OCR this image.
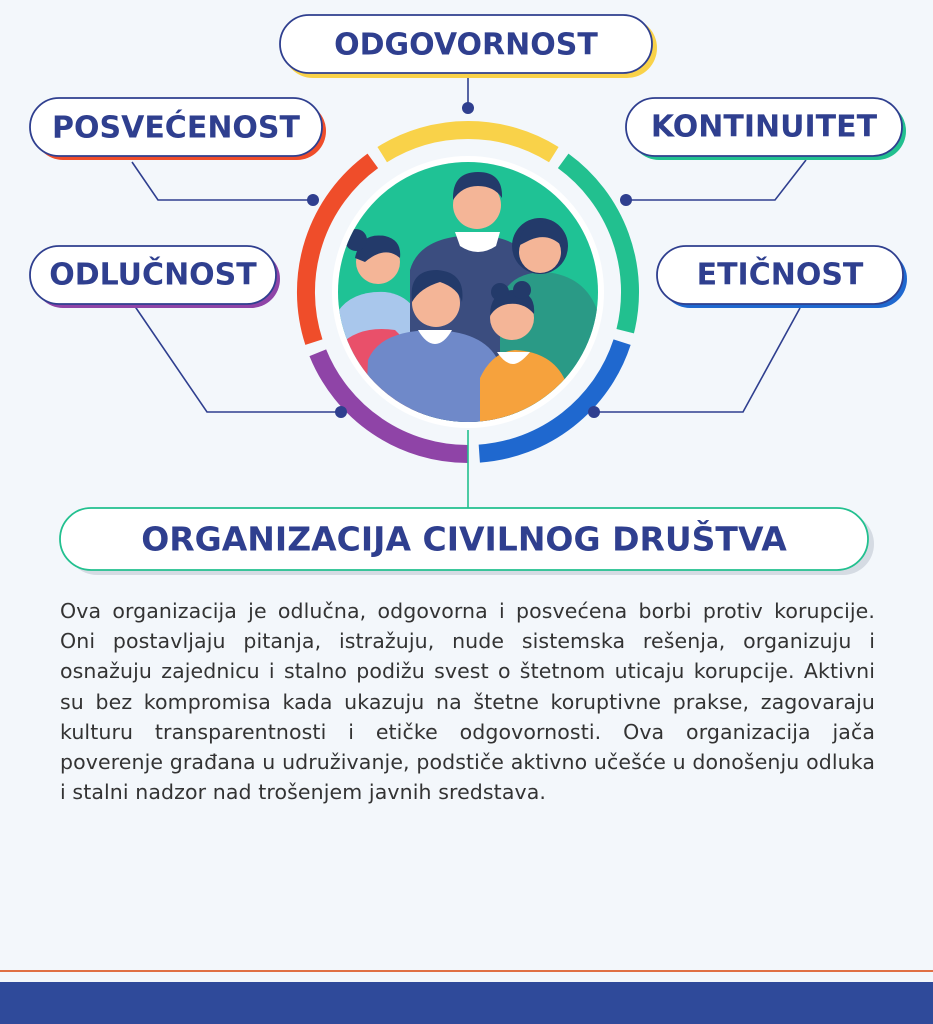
ODGOVORNOST
POSVEĆENOST	KONTINUITET
ODLUČNOST	ETIČNOST
ORGANIZACIJA CIVILNOG DRUŠTVA

Ova organizacija je odlučna, odgovorna i posvećena borbi protiv korupcije. Oni postavljaju pitanja, istražuju, nude sistemska rešenja, organizuju i osnažuju zajednicu i stalno podižu svest o štetnom uticaju korupcije. Aktivni su bez kompromisa kada ukazuju na štetne koruptivne prakse, zagovaraju kulturu transparentnosti i etičke odgovornosti. Ova organizacija jača poverenje građana u udruživanje, podstiče aktivno učešće u donošenju odluka i stalni nadzor nad trošenjem javnih sredstava.
